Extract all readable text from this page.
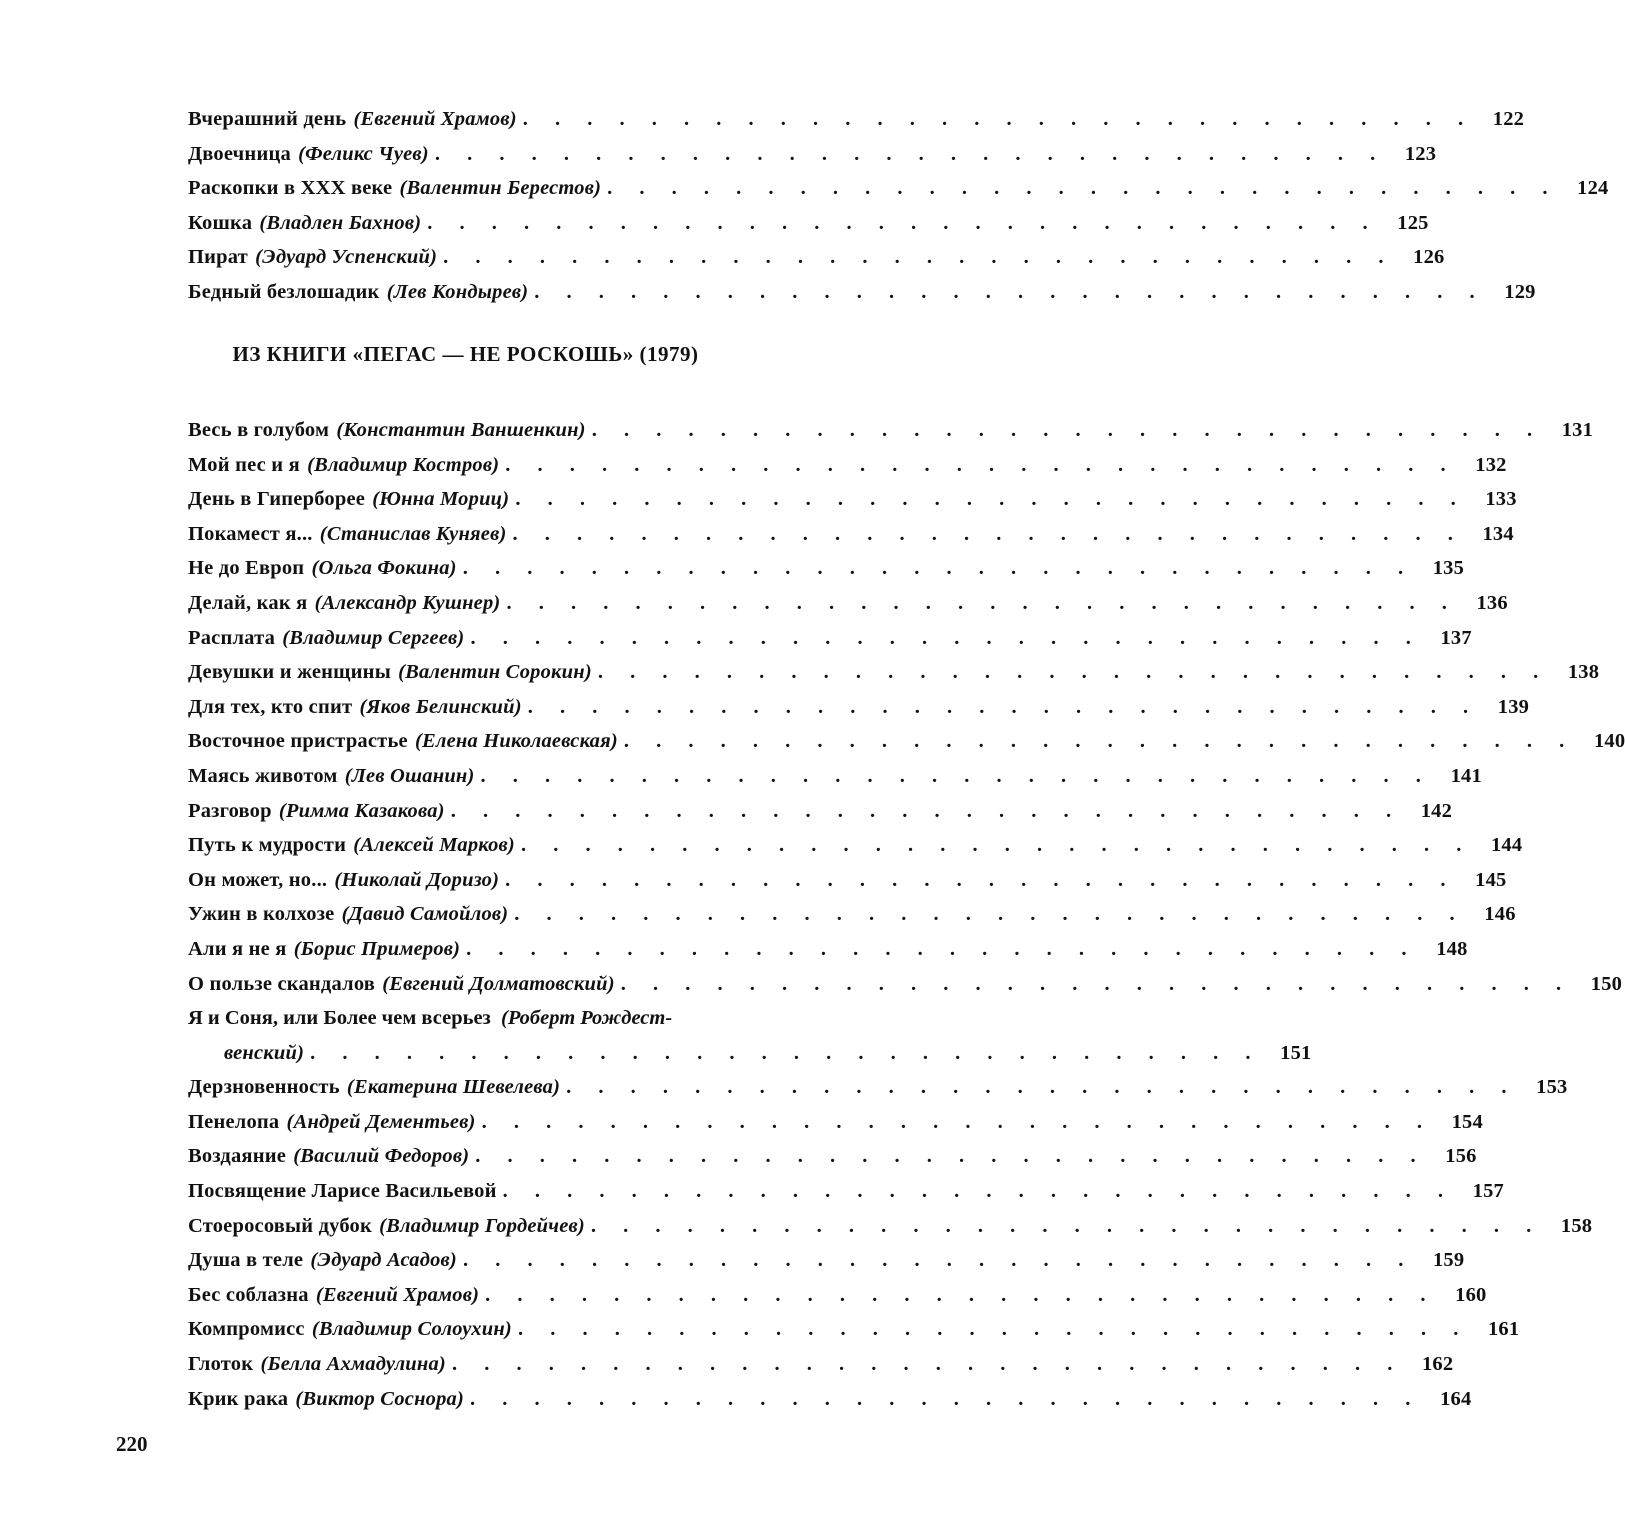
Вчерашний день (Евгений Храмов) . . . . . . . . . . . . . . . . . . . . . . . . . . . . . . 122
Двоечница (Феликс Чуев) . . . . . . . . . . . . . . . . . . . . . . . . . . . . . . 123
Раскопки в XXX веке (Валентин Берестов) . . . . . . . . . . . . . . . . . . . . . . . . . . . . . . 124
Кошка (Владлен Бахнов) . . . . . . . . . . . . . . . . . . . . . . . . . . . . . . 125
Пират (Эдуард Успенский) . . . . . . . . . . . . . . . . . . . . . . . . . . . . . . 126
Бедный безлошадик (Лев Кондырев) . . . . . . . . . . . . . . . . . . . . . . . . . . . . . . 129
ИЗ КНИГИ «ПЕГАС — НЕ РОСКОШЬ» (1979)
Весь в голубом (Константин Ваншенкин) . . . . . . . . . . . . . . . . . . . . . . . . . . . . . . 131
Мой пес и я (Владимир Костров) . . . . . . . . . . . . . . . . . . . . . . . . . . . . . . 132
День в Гиперборее (Юнна Мориц) . . . . . . . . . . . . . . . . . . . . . . . . . . . . . . 133
Покамест я... (Станислав Куняев) . . . . . . . . . . . . . . . . . . . . . . . . . . . . . . 134
Не до Европ (Ольга Фокина) . . . . . . . . . . . . . . . . . . . . . . . . . . . . . . 135
Делай, как я (Александр Кушнер) . . . . . . . . . . . . . . . . . . . . . . . . . . . . . . 136
Расплата (Владимир Сергеев) . . . . . . . . . . . . . . . . . . . . . . . . . . . . . . 137
Девушки и женщины (Валентин Сорокин) . . . . . . . . . . . . . . . . . . . . . . . . . . . . . . 138
Для тех, кто спит (Яков Белинский) . . . . . . . . . . . . . . . . . . . . . . . . . . . . . . 139
Восточное пристрастье (Елена Николаевская) . . . . . . . . . . . . . . . . . . . . . . . . . . . . . . 140
Маясь животом (Лев Ошанин) . . . . . . . . . . . . . . . . . . . . . . . . . . . . . . 141
Разговор (Римма Казакова) . . . . . . . . . . . . . . . . . . . . . . . . . . . . . . 142
Путь к мудрости (Алексей Марков) . . . . . . . . . . . . . . . . . . . . . . . . . . . . . . 144
Он может, но... (Николай Доризо) . . . . . . . . . . . . . . . . . . . . . . . . . . . . . . 145
Ужин в колхозе (Давид Самойлов) . . . . . . . . . . . . . . . . . . . . . . . . . . . . . . 146
Али я не я (Борис Примеров) . . . . . . . . . . . . . . . . . . . . . . . . . . . . . . 148
О пользе скандалов (Евгений Долматовский) . . . . . . . . . . . . . . . . . . . . . . . . . . . . . . 150
Я и Соня, или Более чем всерьез (Роберт Рождест-
венский) . . . . . . . . . . . . . . . . . . . . . . . . . . . . . . 151
Дерзновенность (Екатерина Шевелева) . . . . . . . . . . . . . . . . . . . . . . . . . . . . . . 153
Пенелопа (Андрей Дементьев) . . . . . . . . . . . . . . . . . . . . . . . . . . . . . . 154
Воздаяние (Василий Федоров) . . . . . . . . . . . . . . . . . . . . . . . . . . . . . . 156
Посвящение Ларисе Васильевой . . . . . . . . . . . . . . . . . . . . . . . . . . . . . . 157
Стоеросовый дубок (Владимир Гордейчев) . . . . . . . . . . . . . . . . . . . . . . . . . . . . . . 158
Душа в теле (Эдуард Асадов) . . . . . . . . . . . . . . . . . . . . . . . . . . . . . . 159
Бес соблазна (Евгений Храмов) . . . . . . . . . . . . . . . . . . . . . . . . . . . . . . 160
Компромисс (Владимир Солоухин) . . . . . . . . . . . . . . . . . . . . . . . . . . . . . . 161
Глоток (Белла Ахмадулина) . . . . . . . . . . . . . . . . . . . . . . . . . . . . . . 162
Крик рака (Виктор Соснора) . . . . . . . . . . . . . . . . . . . . . . . . . . . . . . 164
220
